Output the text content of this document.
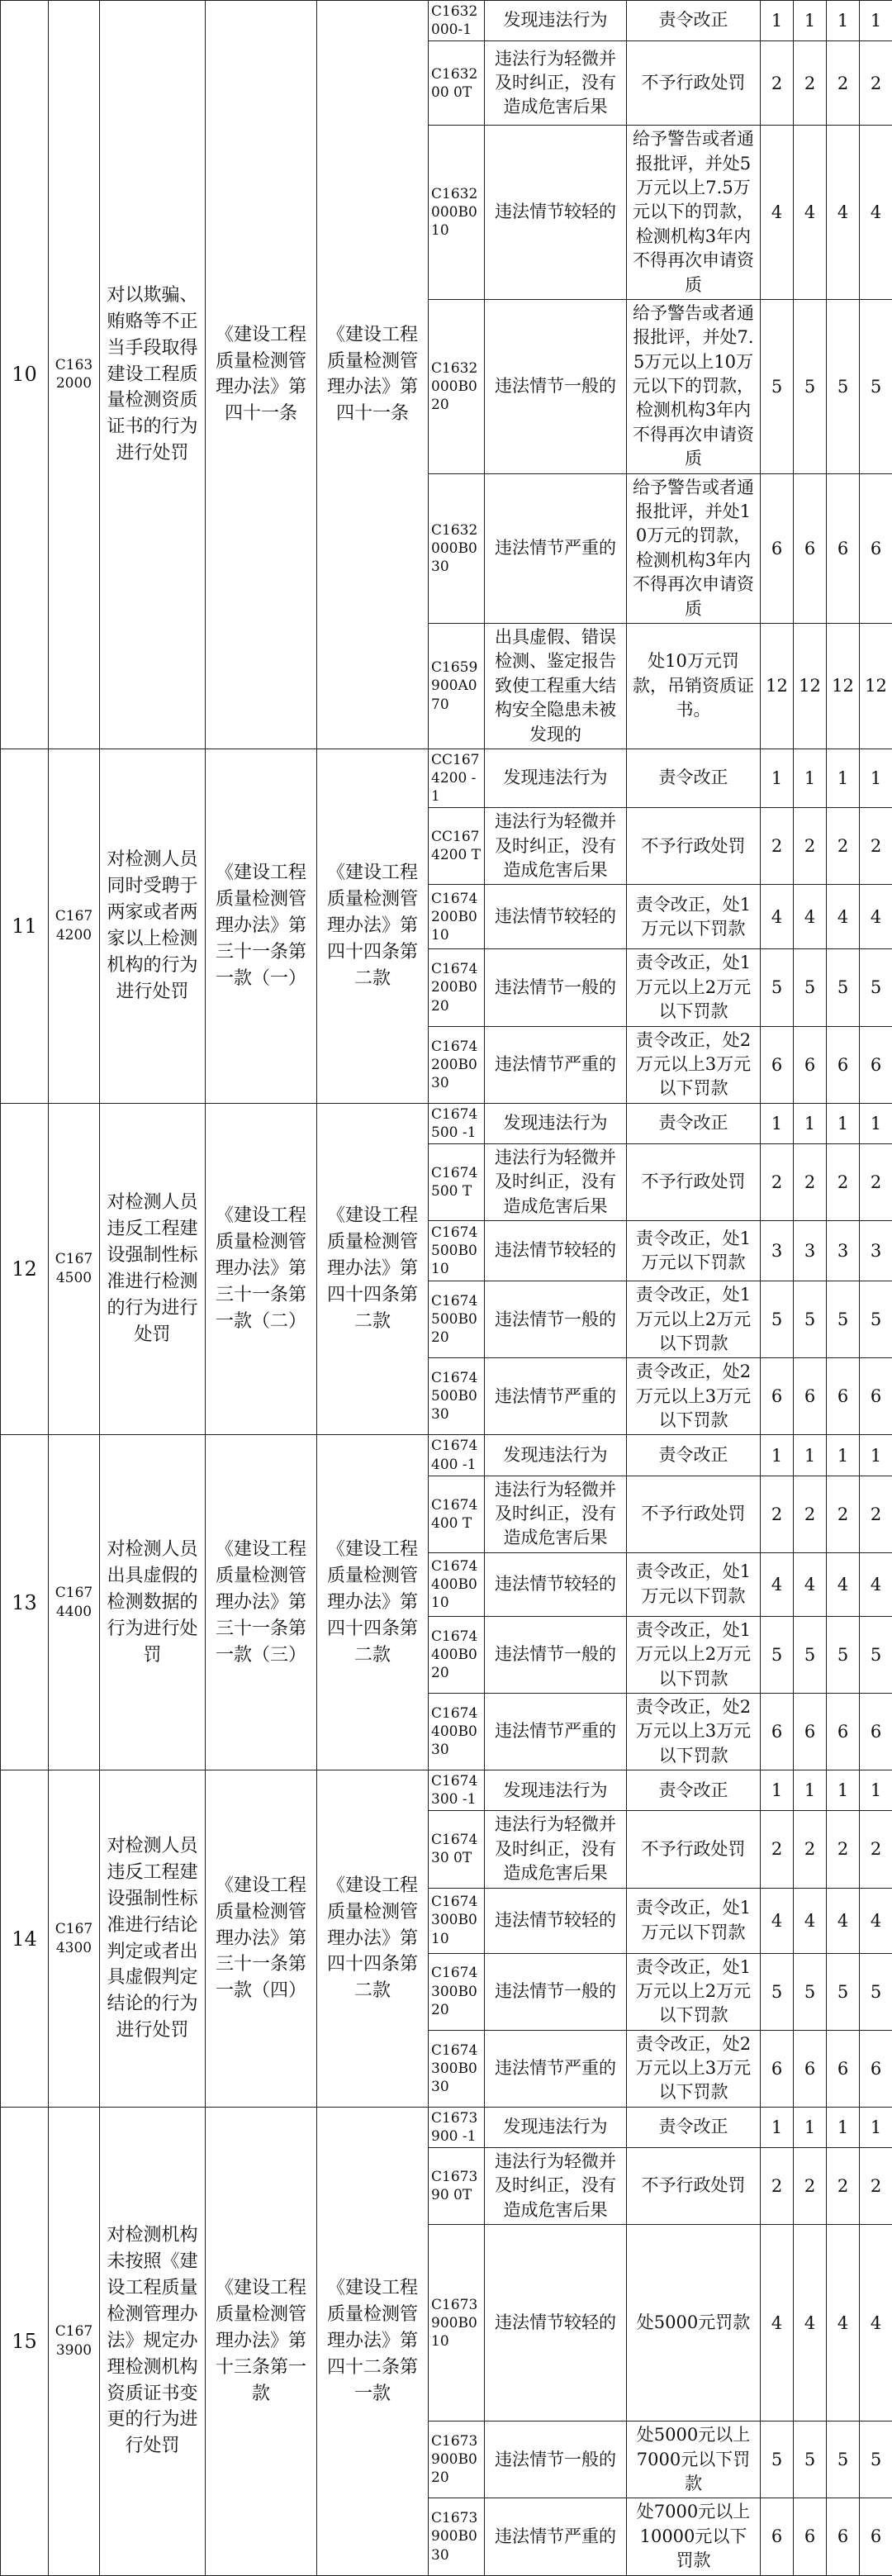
10	C1632000	对以欺骗、贿赂等不正当手段取得建设工程质量检测资质证书的行为进行处罚	《建设工程质量检测管理办法》第四十一条	《建设工程质量检测管理办法》第四十一条	C1632000-1	发现违法行为	责令改正	1	1	1	1
					C163200 0T	违法行为轻微并及时纠正，没有造成危害后果	不予行政处罚	2	2	2	2
					C1632000B010	违法情节较轻的	给予警告或者通报批评，并处5万元以上7.5万元以下的罚款，检测机构3年内不得再次申请资质	4	4	4	4
					C1632000B020	违法情节一般的	给予警告或者通报批评，并处7.5万元以上10万元以下的罚款，检测机构3年内不得再次申请资质	5	5	5	5
					C1632000B030	违法情节严重的	给予警告或者通报批评，并处10万元的罚款，检测机构3年内不得再次申请资质	6	6	6	6
					C1659900A070	出具虚假、错误检测、鉴定报告致使工程重大结构安全隐患未被发现的	处10万元罚款，吊销资质证书。	12	12	12	12
11	C1674200	对检测人员同时受聘于两家或者两家以上检测机构的行为进行处罚	《建设工程质量检测管理办法》第三十一条第一款（一）	《建设工程质量检测管理办法》第四十四条第二款	CC1674200 -1	发现违法行为	责令改正	1	1	1	1
					CC1674200 T	违法行为轻微并及时纠正，没有造成危害后果	不予行政处罚	2	2	2	2
					C1674200B010	违法情节较轻的	责令改正，处1万元以下罚款	4	4	4	4
					C1674200B020	违法情节一般的	责令改正，处1万元以上2万元以下罚款	5	5	5	5
					C1674200B030	违法情节严重的	责令改正，处2万元以上3万元以下罚款	6	6	6	6
12	C1674500	对检测人员违反工程建设强制性标准进行检测的行为进行处罚	《建设工程质量检测管理办法》第三十一条第一款（二）	《建设工程质量检测管理办法》第四十四条第二款	C1674500 -1	发现违法行为	责令改正	1	1	1	1
					C1674500 T	违法行为轻微并及时纠正，没有造成危害后果	不予行政处罚	2	2	2	2
					C1674500B010	违法情节较轻的	责令改正，处1万元以下罚款	3	3	3	3
					C1674500B020	违法情节一般的	责令改正，处1万元以上2万元以下罚款	5	5	5	5
					C1674500B030	违法情节严重的	责令改正，处2万元以上3万元以下罚款	6	6	6	6
13	C1674400	对检测人员出具虚假的检测数据的行为进行处罚	《建设工程质量检测管理办法》第三十一条第一款（三）	《建设工程质量检测管理办法》第四十四条第二款	C1674400 -1	发现违法行为	责令改正	1	1	1	1
					C1674400 T	违法行为轻微并及时纠正，没有造成危害后果	不予行政处罚	2	2	2	2
					C1674400B010	违法情节较轻的	责令改正，处1万元以下罚款	4	4	4	4
					C1674400B020	违法情节一般的	责令改正，处1万元以上2万元以下罚款	5	5	5	5
					C1674400B030	违法情节严重的	责令改正，处2万元以上3万元以下罚款	6	6	6	6
14	C1674300	对检测人员违反工程建设强制性标准进行结论判定或者出具虚假判定结论的行为进行处罚	《建设工程质量检测管理办法》第三十一条第一款（四）	《建设工程质量检测管理办法》第四十四条第二款	C1674300 -1	发现违法行为	责令改正	1	1	1	1
					C167430 0T	违法行为轻微并及时纠正，没有造成危害后果	不予行政处罚	2	2	2	2
					C1674300B010	违法情节较轻的	责令改正，处1万元以下罚款	4	4	4	4
					C1674300B020	违法情节一般的	责令改正，处1万元以上2万元以下罚款	5	5	5	5
					C1674300B030	违法情节严重的	责令改正，处2万元以上3万元以下罚款	6	6	6	6
15	C1673900	对检测机构未按照《建设工程质量检测管理办法》规定办理检测机构资质证书变更的行为进行处罚	《建设工程质量检测管理办法》第十三条第一款	《建设工程质量检测管理办法》第四十二条第一款	C1673900 -1	发现违法行为	责令改正	1	1	1	1
					C167390 0T	违法行为轻微并及时纠正，没有造成危害后果	不予行政处罚	2	2	2	2
					C1673900B010	违法情节较轻的	处5000元罚款	4	4	4	4
					C1673900B020	违法情节一般的	处5000元以上7000元以下罚款	5	5	5	5
					C1673900B030	违法情节严重的	处7000元以上10000元以下罚款	6	6	6	6
